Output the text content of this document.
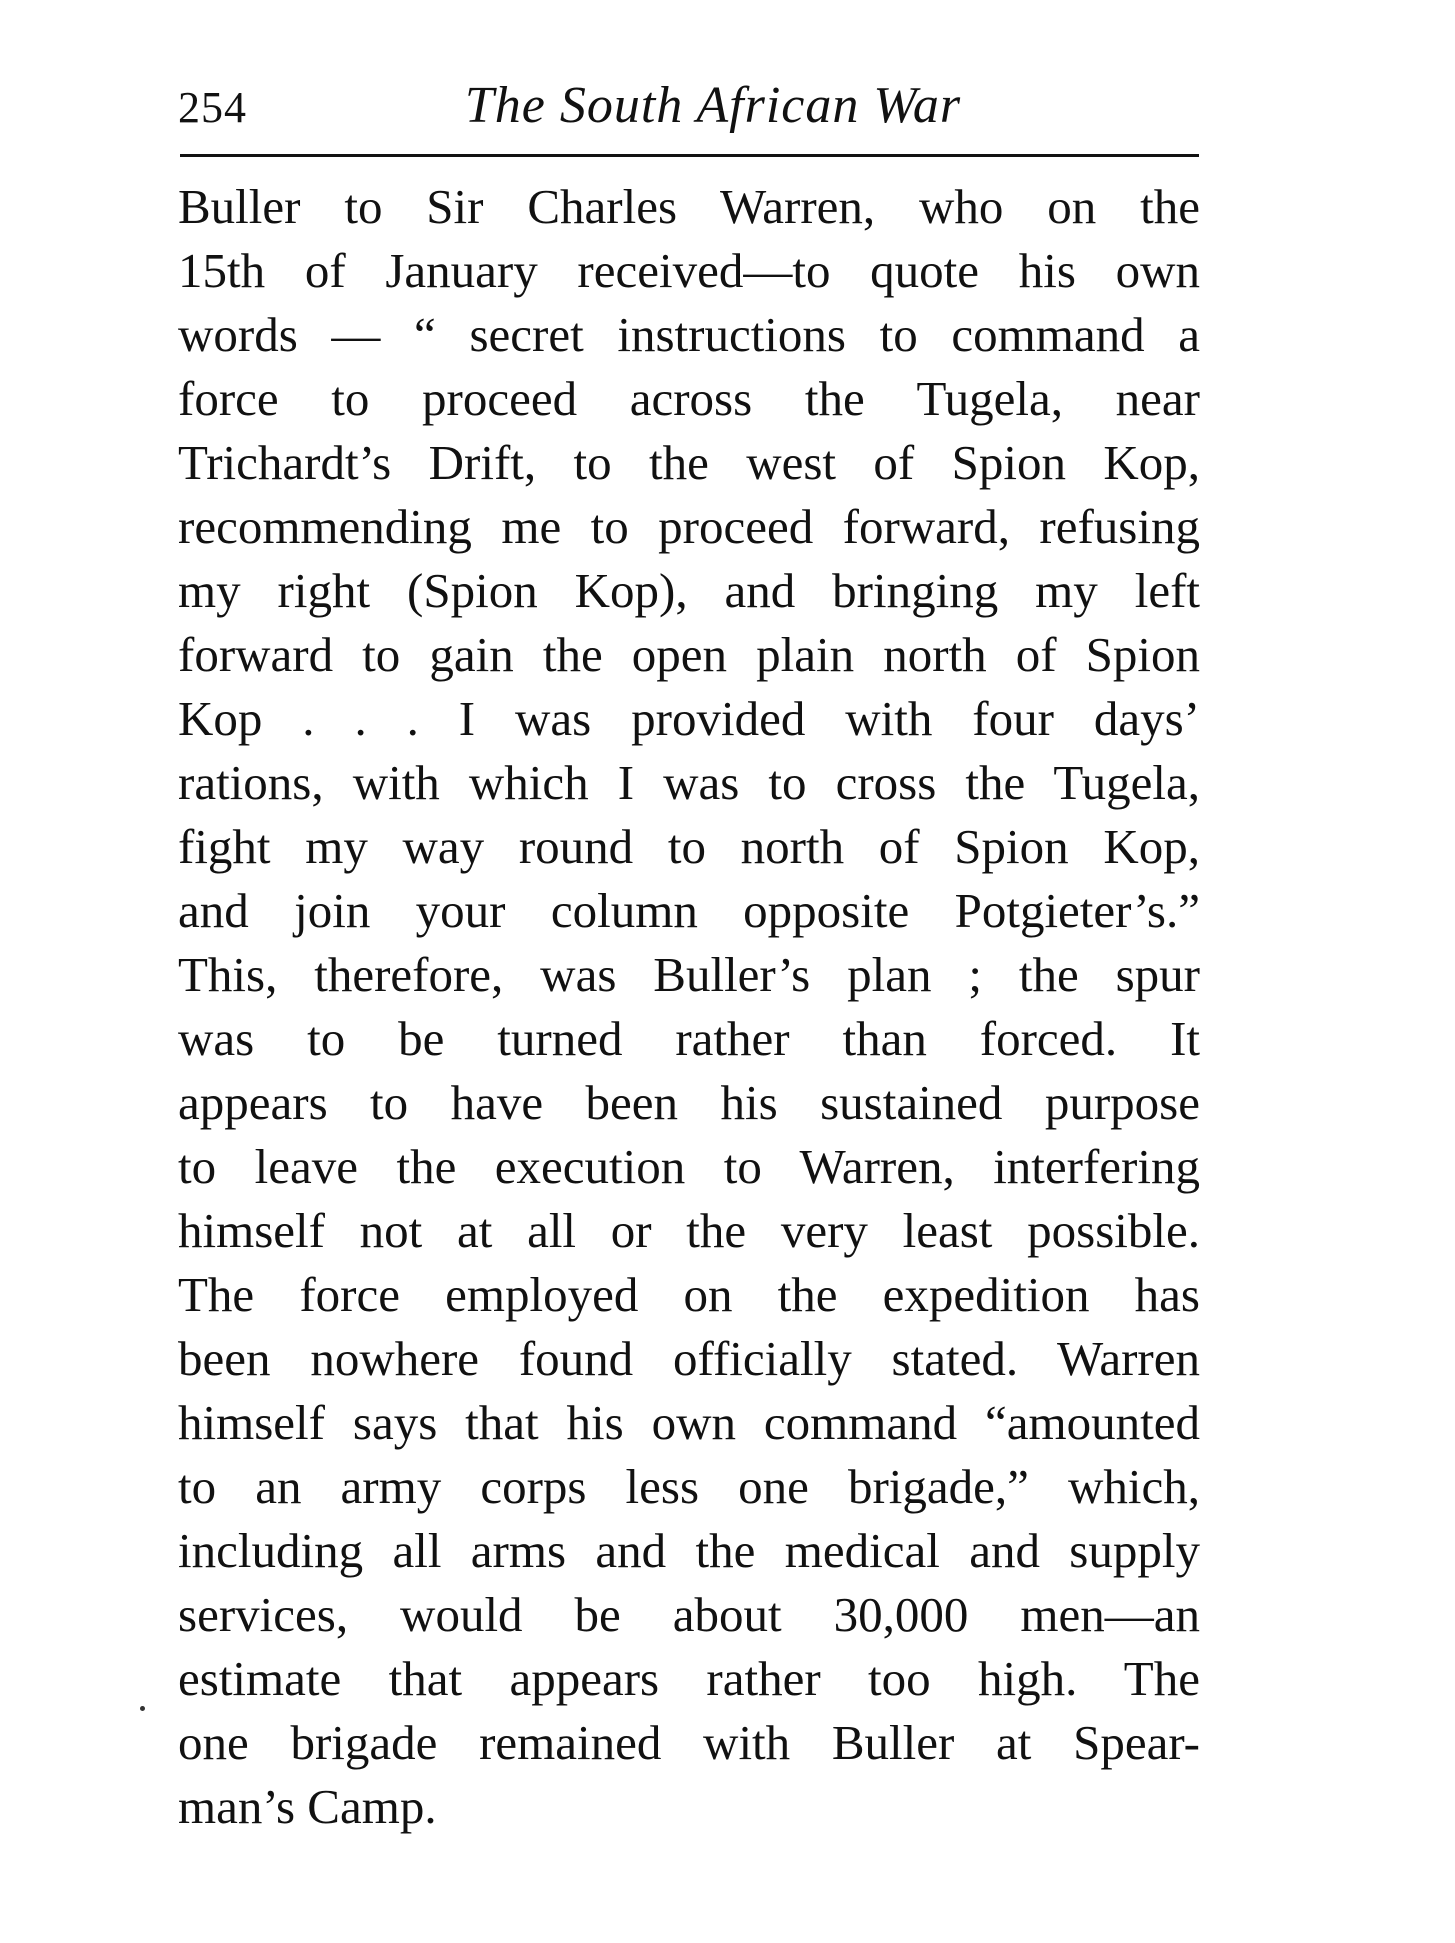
254	The South African War
Buller to Sir Charles Warren, who on the
15th of January received—to quote his own
words — “ secret instructions to command a
force to proceed across the Tugela, near
Trichardt’s Drift, to the west of Spion Kop,
recommending me to proceed forward, refusing
my right (Spion Kop), and bringing my left
forward to gain the open plain north of Spion
Kop . . . I was provided with four days’
rations, with which I was to cross the Tugela,
fight my way round to north of Spion Kop,
and join your column opposite Potgieter’s.”
This, therefore, was Buller’s plan ; the spur
was to be turned rather than forced. It
appears to have been his sustained purpose
to leave the execution to Warren, interfering
himself not at all or the very least possible.
The force employed on the expedition has
been nowhere found officially stated. Warren
himself says that his own command “amounted
to an army corps less one brigade,” which,
including all arms and the medical and supply
services, would be about 30,000 men—an
estimate that appears rather too high. The
one brigade remained with Buller at Spear-
man’s Camp.
